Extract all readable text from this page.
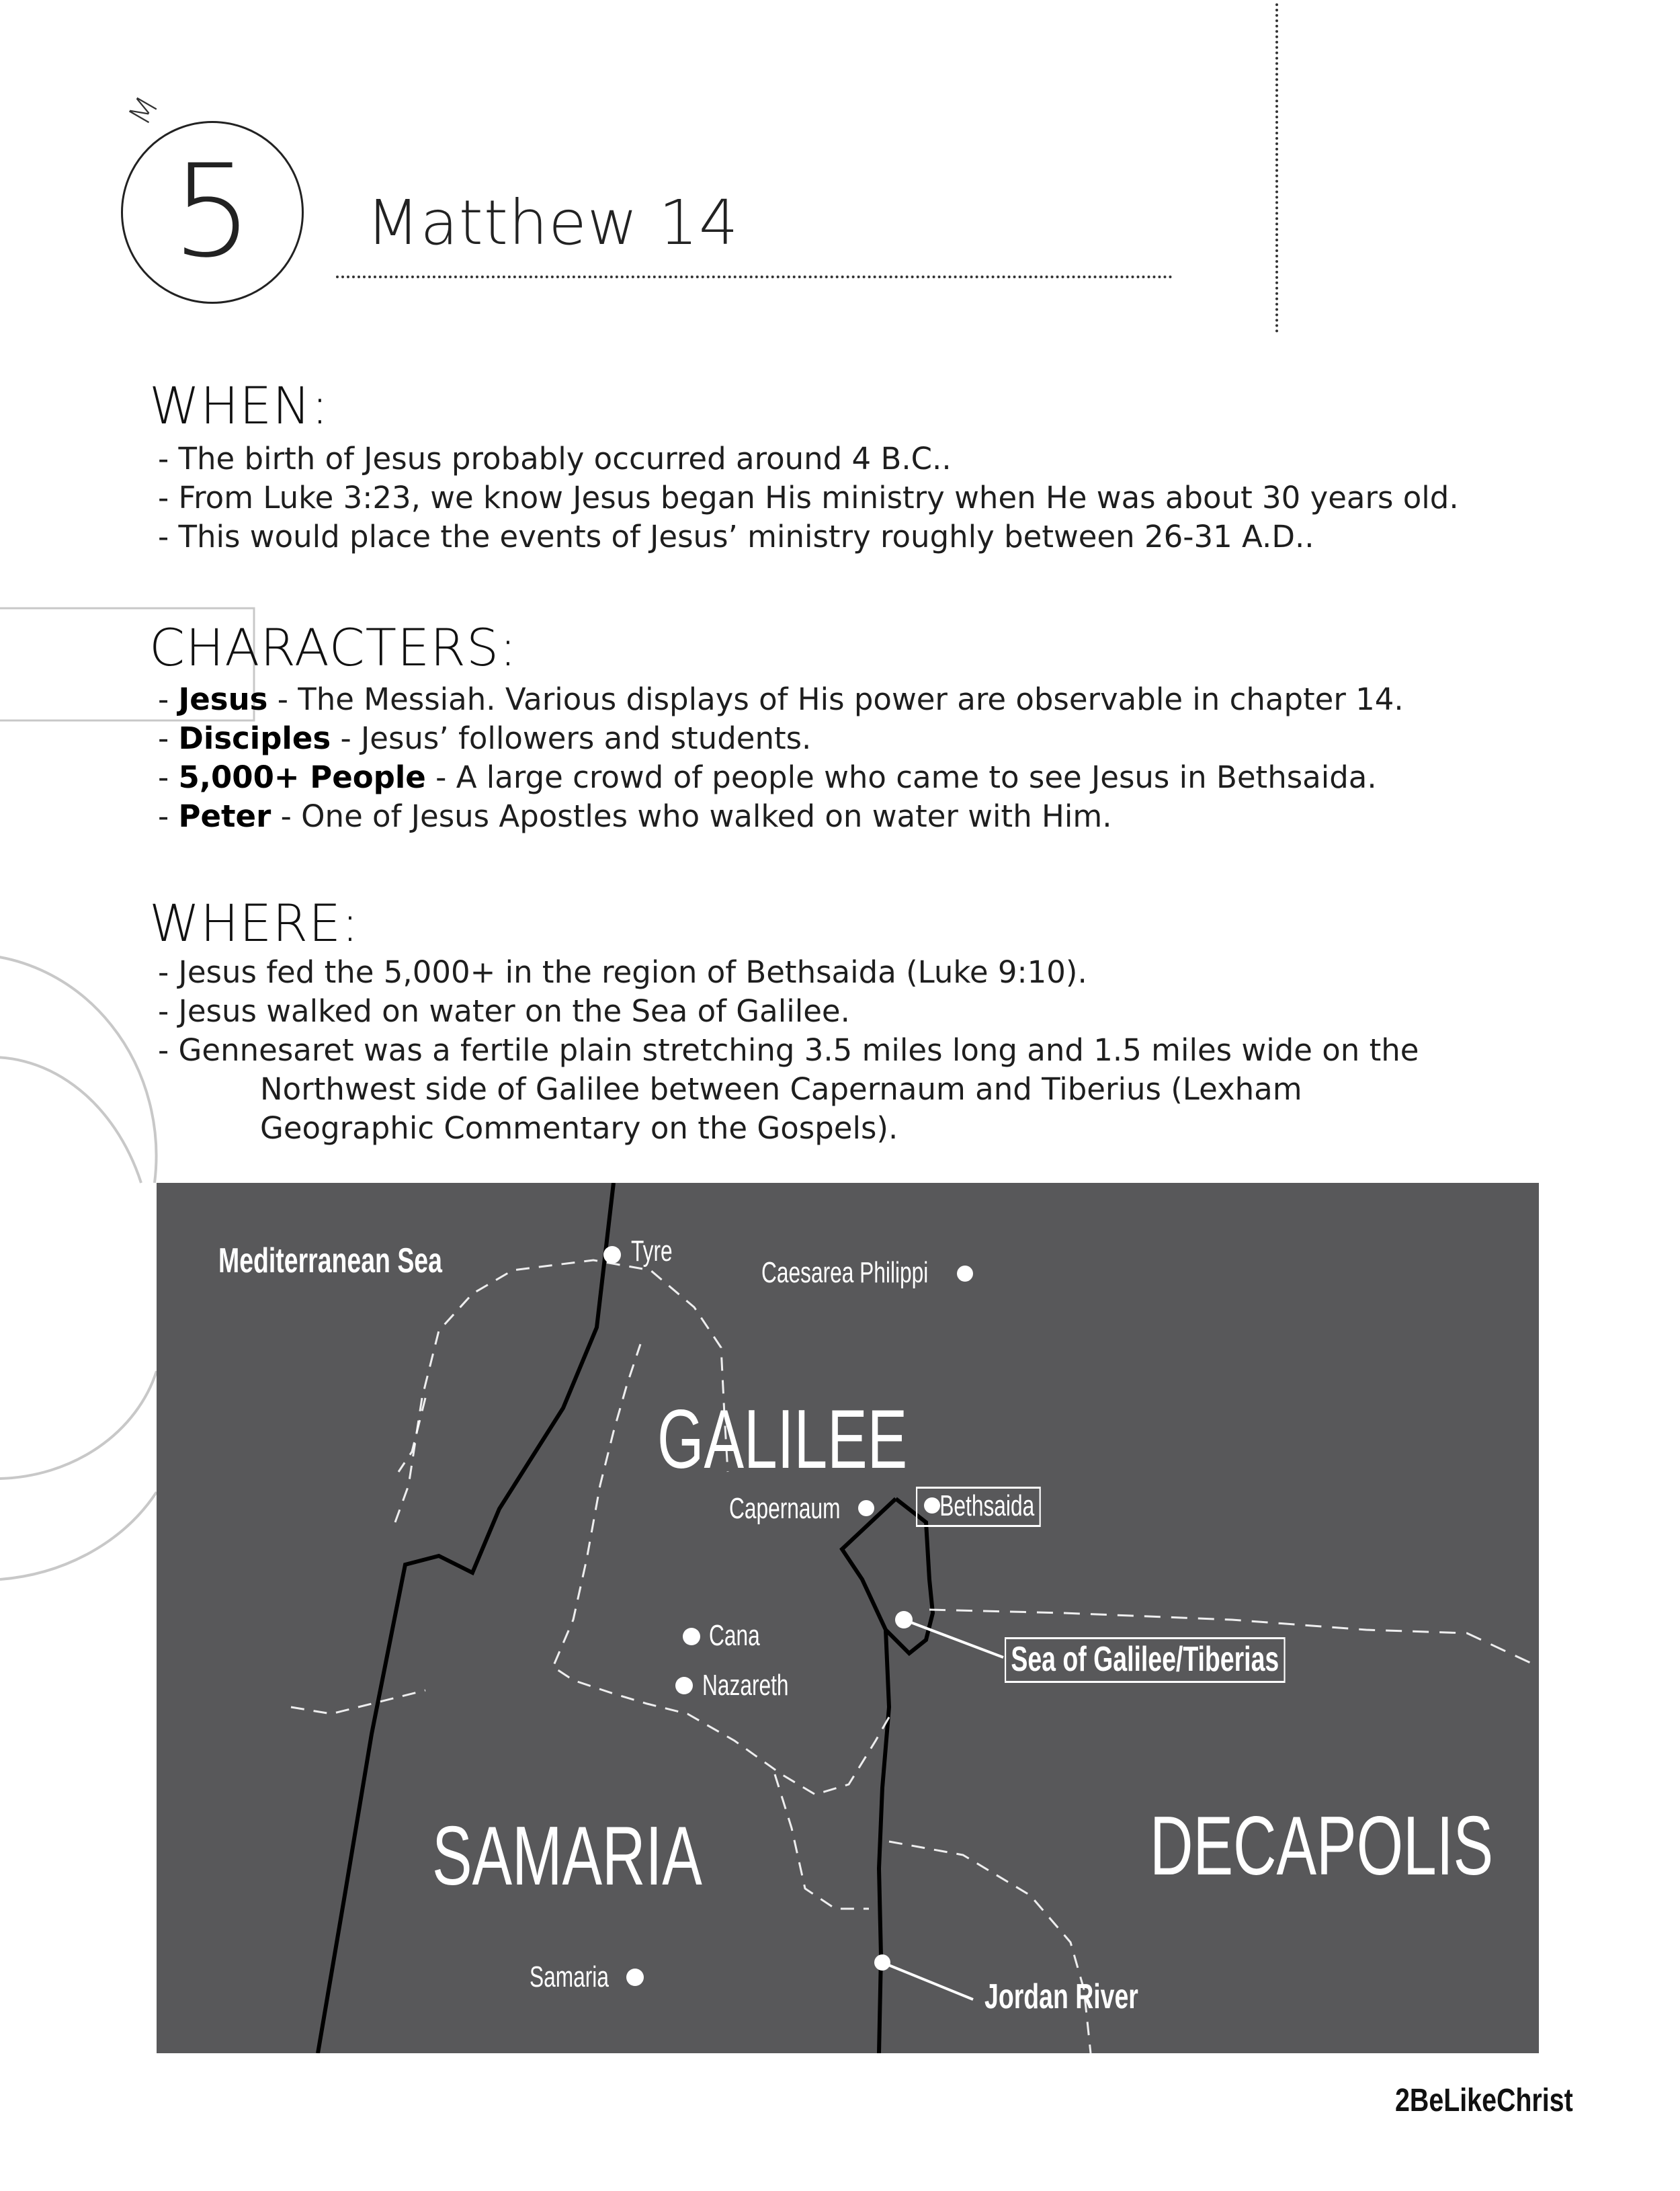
M
5	Matthew 14
WHEN:
- The birth of Jesus probably occurred around 4 B.C..
- From Luke 3:23, we know Jesus began His ministry when He was about 30 years old.
- This would place the events of Jesus’ ministry roughly between 26-31 A.D..
CHARACTERS:
- Jesus - The Messiah. Various displays of His power are observable in chapter 14.
- Disciples - Jesus’ followers and students.
- 5,000+ People - A large crowd of people who came to see Jesus in Bethsaida.
- Peter - One of Jesus Apostles who walked on water with Him.
WHERE:
- Jesus fed the 5,000+ in the region of Bethsaida (Luke 9:10).
- Jesus walked on water on the Sea of Galilee.
- Gennesaret was a fertile plain stretching 3.5 miles long and 1.5 miles wide on the
Northwest side of Galilee between Capernaum and Tiberius (Lexham
Geographic Commentary on the Gospels).
Mediterranean Sea	Tyre
Caesarea Philippi
GALILEE
Capernaum	Bethsaida
Sea of Galilee/Tiberias
Cana
Nazareth
SAMARIA	DECAPOLIS
Samaria
Jordan River
2BeLikeChrist
